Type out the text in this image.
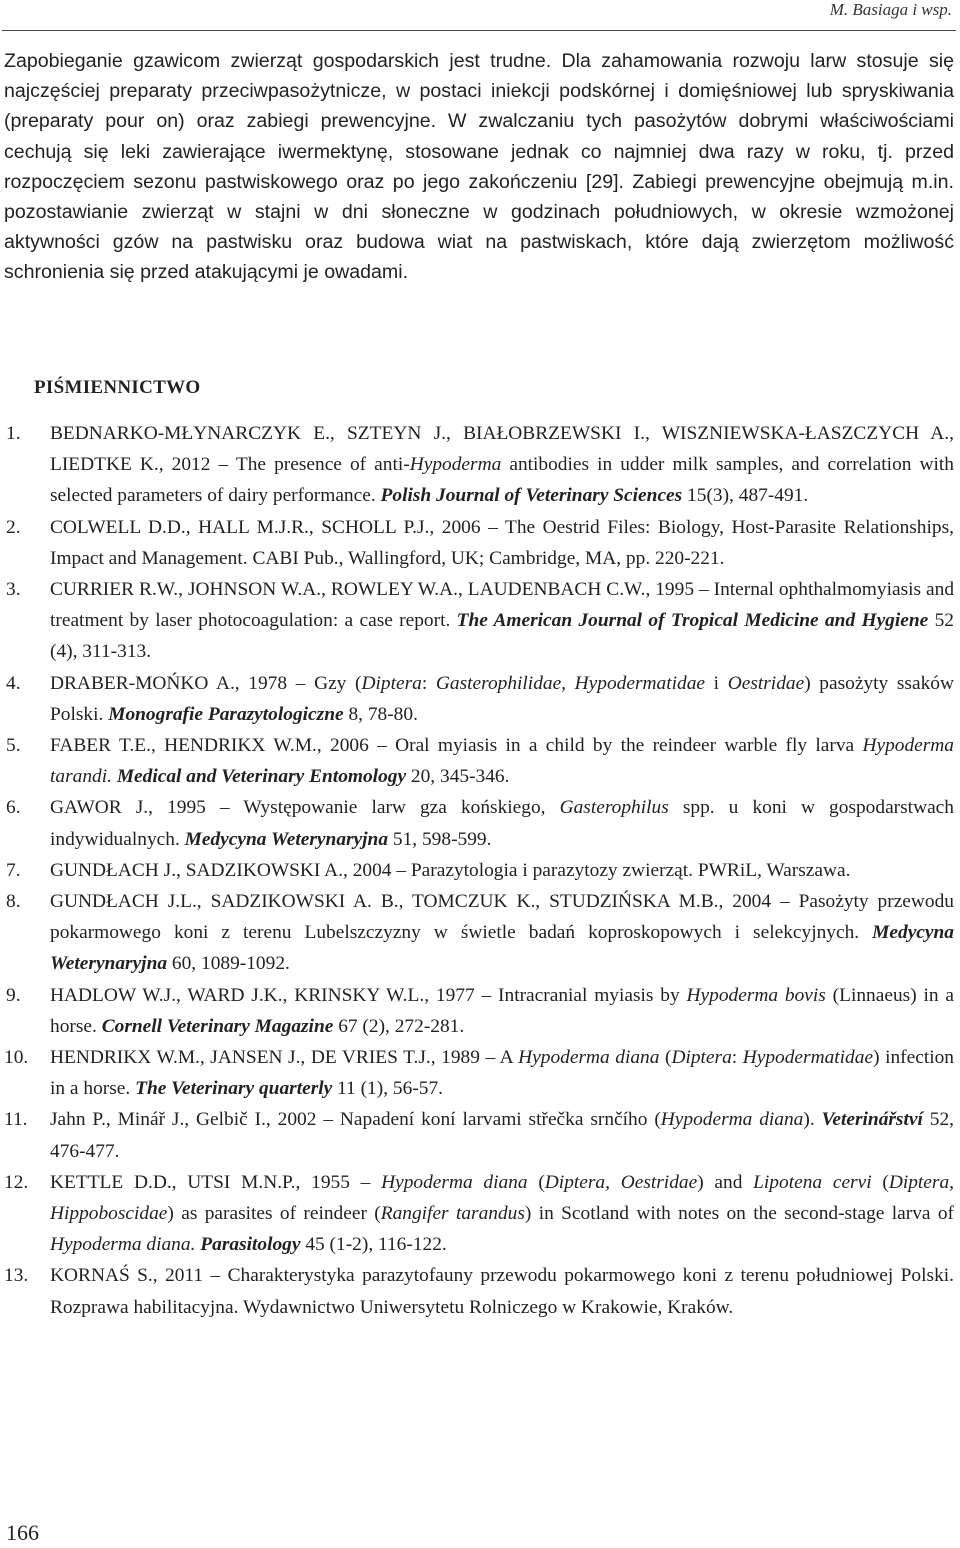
M. Basiaga i wsp.

Zapobieganie gzawicom zwierząt gospodarskich jest trudne. Dla zahamowania rozwoju larw stosuje się najczęściej preparaty przeciwpasożytnicze, w postaci iniekcji podskórnej i domięśniowej lub spryskiwania (preparaty pour on) oraz zabiegi prewencyjne. W zwalczaniu tych pasożytów dobrymi właściwościami cechują się leki zawierające iwermektynę, stosowane jednak co najmniej dwa razy w roku, tj. przed rozpoczęciem sezonu pastwiskowego oraz po jego zakończeniu [29]. Zabiegi prewencyjne obejmują m.in. pozostawianie zwierząt w stajni w dni słoneczne w godzinach południowych, w okresie wzmożonej aktywności gzów na pastwisku oraz budowa wiat na pastwiskach, które dają zwierzętom możliwość schronienia się przed atakującymi je owadami.

PIŚMIENNICTWO
1. BEDNARKO-MŁYNARCZYK E., SZTEYN J., BIAŁOBRZEWSKI I., WISZNIEWSKA-ŁASZCZYCH A., LIEDTKE K., 2012 – The presence of anti-Hypoderma antibodies in udder milk samples, and correlation with selected parameters of dairy performance. Polish Journal of Veterinary Sciences 15(3), 487-491.
2. COLWELL D.D., HALL M.J.R., SCHOLL P.J., 2006 – The Oestrid Files: Biology, Host-Parasite Relationships, Impact and Management. CABI Pub., Wallingford, UK; Cambridge, MA, pp. 220-221.
3. CURRIER R.W., JOHNSON W.A., ROWLEY W.A., LAUDENBACH C.W., 1995 – Internal ophthalmomyiasis and treatment by laser photocoagulation: a case report. The American Journal of Tropical Medicine and Hygiene 52 (4), 311-313.
4. DRABER-MOŃKO A., 1978 – Gzy (Diptera: Gasterophilidae, Hypodermatidae i Oestridae) pasożyty ssaków Polski. Monografie Parazytologiczne 8, 78-80.
5. FABER T.E., HENDRIKX W.M., 2006 – Oral myiasis in a child by the reindeer warble fly larva Hypoderma tarandi. Medical and Veterinary Entomology 20, 345-346.
6. GAWOR J., 1995 – Występowanie larw gza końskiego, Gasterophilus spp. u koni w gospodarstwach indywidualnych. Medycyna Weterynaryjna 51, 598-599.
7. GUNDŁACH J., SADZIKOWSKI A., 2004 – Parazytologia i parazytozy zwierząt. PWRiL, Warszawa.
8. GUNDŁACH J.L., SADZIKOWSKI A. B., TOMCZUK K., STUDZIŃSKA M.B., 2004 – Pasożyty przewodu pokarmowego koni z terenu Lubelszczyzny w świetle badań koproskopowych i selekcyjnych. Medycyna Weterynaryjna 60, 1089-1092.
9. HADLOW W.J., WARD J.K., KRINSKY W.L., 1977 – Intracranial myiasis by Hypoderma bovis (Linnaeus) in a horse. Cornell Veterinary Magazine 67 (2), 272-281.
10. HENDRIKX W.M., JANSEN J., DE VRIES T.J., 1989 – A Hypoderma diana (Diptera: Hypodermatidae) infection in a horse. The Veterinary quarterly 11 (1), 56-57.
11. Jahn P., Minář J., Gelbič I., 2002 – Napadení koní larvami střečka srnčího (Hypoderma diana). Veterinářství 52, 476-477.
12. KETTLE D.D., UTSI M.N.P., 1955 – Hypoderma diana (Diptera, Oestridae) and Lipotena cervi (Diptera, Hippoboscidae) as parasites of reindeer (Rangifer tarandus) in Scotland with notes on the second-stage larva of Hypoderma diana. Parasitology 45 (1-2), 116-122.
13. KORNAŚ S., 2011 – Charakterystyka parazytofauny przewodu pokarmowego koni z terenu południowej Polski. Rozprawa habilitacyjna. Wydawnictwo Uniwersytetu Rolniczego w Krakowie, Kraków.
166
